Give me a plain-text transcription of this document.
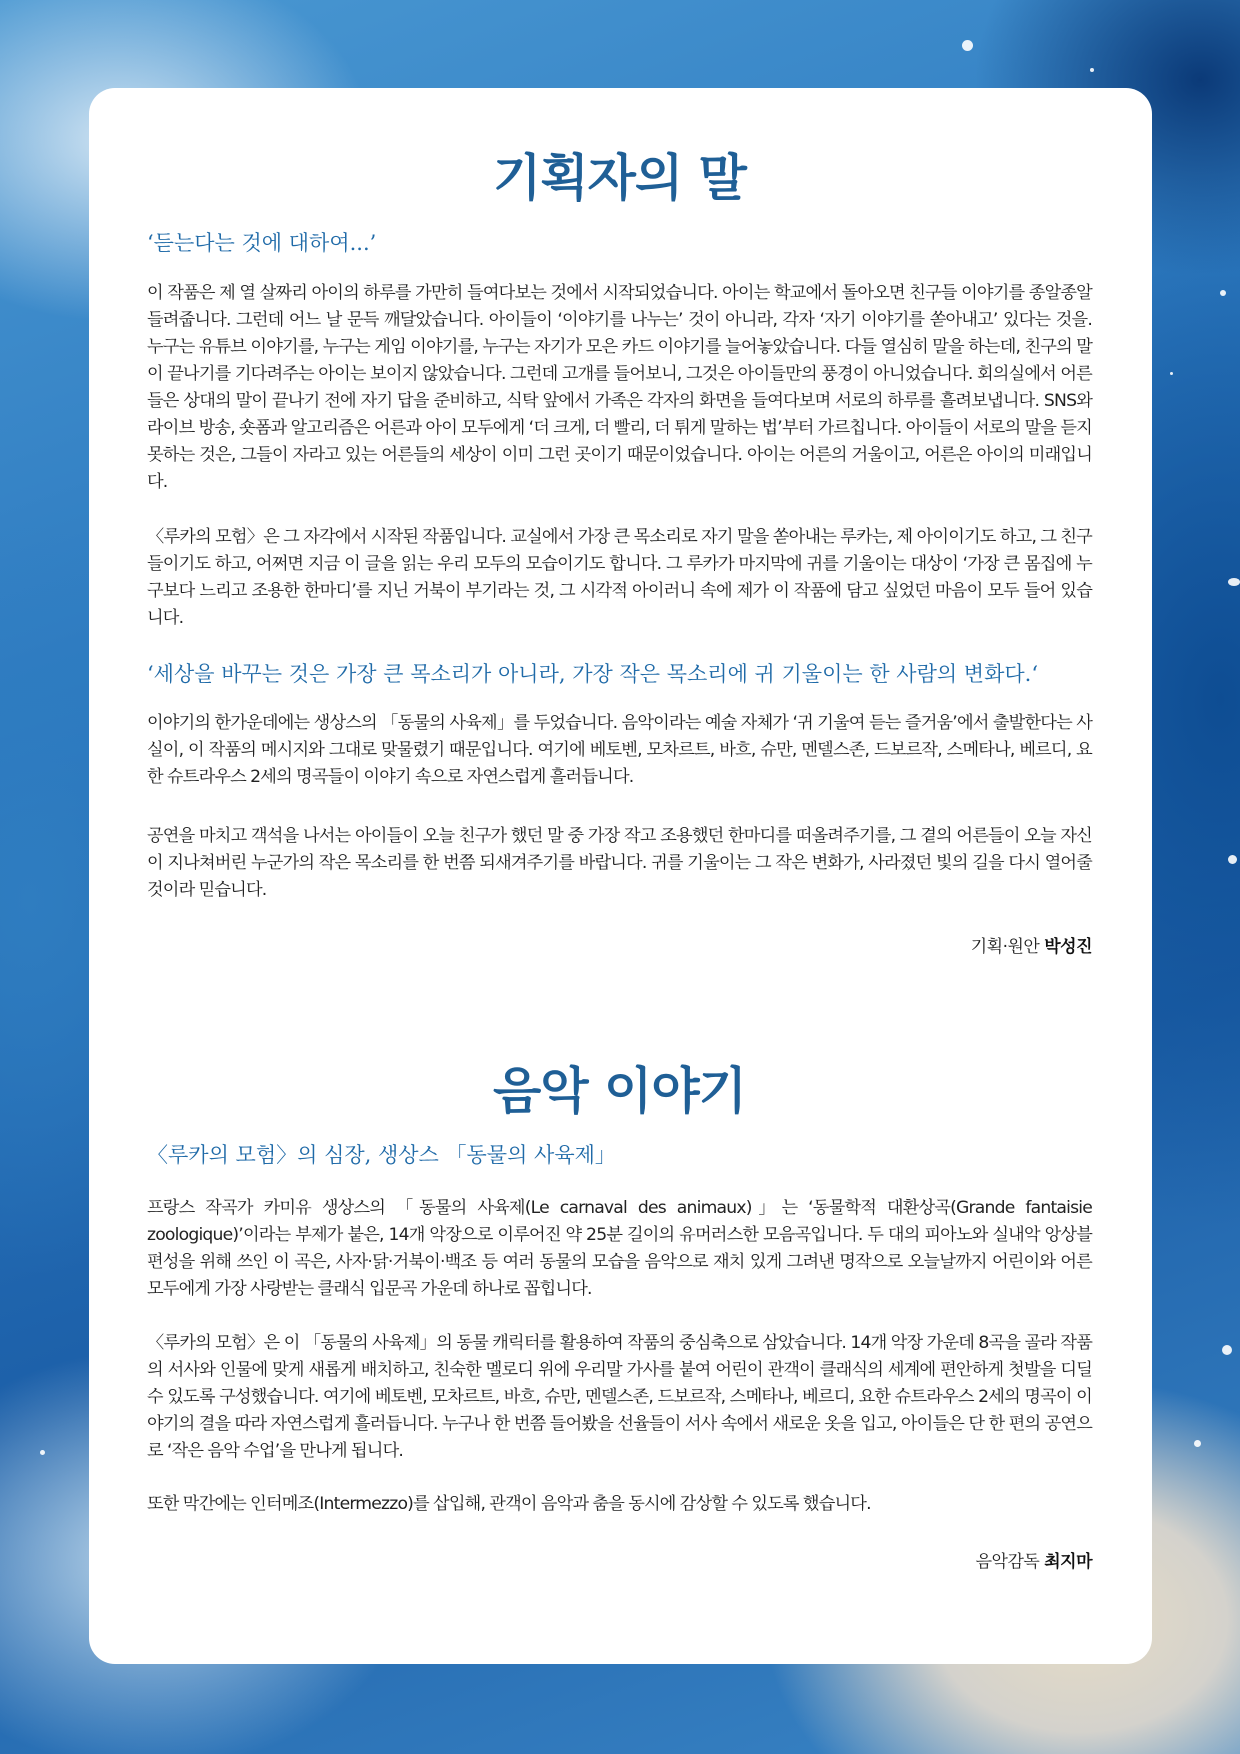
기획자의 말

‘듣는다는 것에 대하여...’

이 작품은 제 열 살짜리 아이의 하루를 가만히 들여다보는 것에서 시작되었습니다. 아이는 학교에서 돌아오면 친구들 이야기를 종알종알 들려줍니다. 그런데 어느 날 문득 깨달았습니다. 아이들이 ‘이야기를 나누는’ 것이 아니라, 각자 ‘자기 이야기를 쏟아내고’ 있다는 것을. 누구는 유튜브 이야기를, 누구는 게임 이야기를, 누구는 자기가 모은 카드 이야기를 늘어놓았습니다. 다들 열심히 말을 하는데, 친구의 말이 끝나기를 기다려주는 아이는 보이지 않았습니다. 그런데 고개를 들어보니, 그것은 아이들만의 풍경이 아니었습니다. 회의실에서 어른들은 상대의 말이 끝나기 전에 자기 답을 준비하고, 식탁 앞에서 가족은 각자의 화면을 들여다보며 서로의 하루를 흘려보냅니다. SNS와 라이브 방송, 숏폼과 알고리즘은 어른과 아이 모두에게 ‘더 크게, 더 빨리, 더 튀게 말하는 법’부터 가르칩니다. 아이들이 서로의 말을 듣지 못하는 것은, 그들이 자라고 있는 어른들의 세상이 이미 그런 곳이기 때문이었습니다. 아이는 어른의 거울이고, 어른은 아이의 미래입니다.

〈루카의 모험〉은 그 자각에서 시작된 작품입니다. 교실에서 가장 큰 목소리로 자기 말을 쏟아내는 루카는, 제 아이이기도 하고, 그 친구들이기도 하고, 어쩌면 지금 이 글을 읽는 우리 모두의 모습이기도 합니다. 그 루카가 마지막에 귀를 기울이는 대상이 ‘가장 큰 몸집에 누구보다 느리고 조용한 한마디’를 지닌 거북이 부기라는 것, 그 시각적 아이러니 속에 제가 이 작품에 담고 싶었던 마음이 모두 들어 있습니다.

‘세상을 바꾸는 것은 가장 큰 목소리가 아니라, 가장 작은 목소리에 귀 기울이는 한 사람의 변화다.‘

이야기의 한가운데에는 생상스의 「동물의 사육제」를 두었습니다. 음악이라는 예술 자체가 ‘귀 기울여 듣는 즐거움’에서 출발한다는 사실이, 이 작품의 메시지와 그대로 맞물렸기 때문입니다. 여기에 베토벤, 모차르트, 바흐, 슈만, 멘델스존, 드보르작, 스메타나, 베르디, 요한 슈트라우스 2세의 명곡들이 이야기 속으로 자연스럽게 흘러듭니다.

공연을 마치고 객석을 나서는 아이들이 오늘 친구가 했던 말 중 가장 작고 조용했던 한마디를 떠올려주기를, 그 곁의 어른들이 오늘 자신이 지나쳐버린 누군가의 작은 목소리를 한 번쯤 되새겨주기를 바랍니다. 귀를 기울이는 그 작은 변화가, 사라졌던 빛의 길을 다시 열어줄 것이라 믿습니다.

기획·원안 박성진

음악 이야기

〈루카의 모험〉의 심장, 생상스 「동물의 사육제」

프랑스 작곡가 카미유 생상스의 「동물의 사육제(Le carnaval des animaux)」는 ‘동물학적 대환상곡(Grande fantaisie zoologique)’이라는 부제가 붙은, 14개 악장으로 이루어진 약 25분 길이의 유머러스한 모음곡입니다. 두 대의 피아노와 실내악 앙상블 편성을 위해 쓰인 이 곡은, 사자·닭·거북이·백조 등 여러 동물의 모습을 음악으로 재치 있게 그려낸 명작으로 오늘날까지 어린이와 어른 모두에게 가장 사랑받는 클래식 입문곡 가운데 하나로 꼽힙니다.

〈루카의 모험〉은 이 「동물의 사육제」의 동물 캐릭터를 활용하여 작품의 중심축으로 삼았습니다. 14개 악장 가운데 8곡을 골라 작품의 서사와 인물에 맞게 새롭게 배치하고, 친숙한 멜로디 위에 우리말 가사를 붙여 어린이 관객이 클래식의 세계에 편안하게 첫발을 디딜 수 있도록 구성했습니다. 여기에 베토벤, 모차르트, 바흐, 슈만, 멘델스존, 드보르작, 스메타나, 베르디, 요한 슈트라우스 2세의 명곡이 이야기의 결을 따라 자연스럽게 흘러듭니다. 누구나 한 번쯤 들어봤을 선율들이 서사 속에서 새로운 옷을 입고, 아이들은 단 한 편의 공연으로 ‘작은 음악 수업’을 만나게 됩니다.

또한 막간에는 인터메조(Intermezzo)를 삽입해, 관객이 음악과 춤을 동시에 감상할 수 있도록 했습니다.

음악감독 최지마
